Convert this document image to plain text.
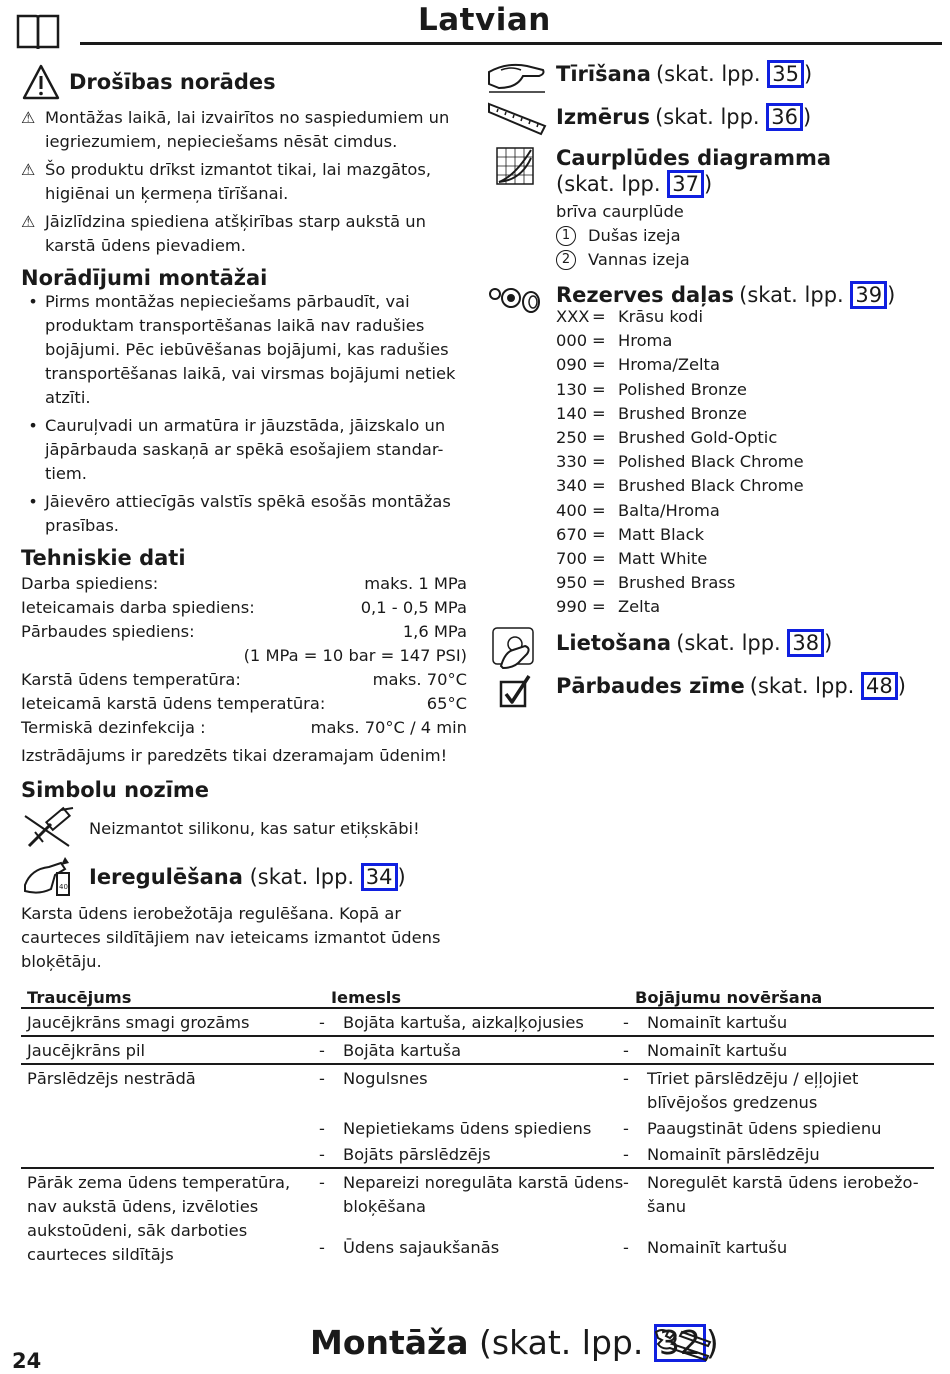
Latvian
Drošības norādes
⚠ Montāžas laikā, lai izvairītos no saspiedumiem un iegriezumiem, nepieciešams nēsāt cimdus.
⚠ Šo produktu drīkst izmantot tikai, lai mazgātos, higiēnai un ķermeņa tīrīšanai.
⚠ Jāizlīdzina spiediena atšķirības starp aukstā un karstā ūdens pievadiem.
Norādījumi montāžai
• Pirms montāžas nepieciešams pārbaudīt, vai produktam transportēšanas laikā nav radušies bojājumi. Pēc iebūvēšanas bojājumi, kas radušies transportēšanas laikā, vai virsmas bojājumi netiek atzīti.
• Cauruļvadi un armatūra ir jāuzstāda, jāizskalo un jāpārbauda saskaņā ar spēkā esošajiem standar-tiem.
• Jāievēro attiecīgās valstīs spēkā esošās montāžas prasības.
Tehniskie dati
Darba spiediens:	maks. 1 MPa
Ieteicamais darba spiediens:	0,1 - 0,5 MPa
Pārbaudes spiediens:	1,6 MPa
(1 MPa = 10 bar = 147 PSI)
Karstā ūdens temperatūra:	maks. 70°C
Ieteicamā karstā ūdens temperatūra:	65°C
Termiskā dezinfekcija :	maks. 70°C / 4 min
Izstrādājums ir paredzēts tikai dzeramajam ūdenim!
Simbolu nozīme
Neizmantot silikonu, kas satur etiķskābi!
40 Ieregulēšana (skat. lpp. 34 )
Karsta ūdens ierobežotāja regulēšana. Kopā ar caurteces sildītājiem nav ieteicams izmantot ūdens bloķētāju.
Tīrīšana (skat. lpp. 35 )
Izmērus (skat. lpp. 36 )
Caurplūdes diagramma
(skat. lpp. 37 )
brīva caurplūde
1	Dušas izeja
2	Vannas izeja
Rezerves daļas (skat. lpp. 39 )
XXX = Krāsu kodi
000 = Hroma
090 = Hroma/Zelta
130 = Polished Bronze
140 = Brushed Bronze
250 = Brushed Gold-Optic
330 = Polished Black Chrome
340 = Brushed Black Chrome
400 = Balta/Hroma
670 = Matt Black
700 = Matt White
950 = Brushed Brass
990 = Zelta
Lietošana (skat. lpp. 38 )
Pārbaudes zīme (skat. lpp. 48 )
Traucējums	Iemesls	Bojājumu novēršana
Jaucējkrāns smagi grozāms	- Bojāta kartuša, aizkaļķojusies	- Nomainīt kartušu

Jaucējkrāns pil	- Bojāta kartuša	- Nomainīt kartušu

Pārslēdzējs nestrādā	- Nogulsnes	- Tīriet pārslēdzēju / eļļojiet blīvējošos gredzenus

	- Nepietiekams ūdens spiediens	- Paaugstināt ūdens spiedienu

	- Bojāts pārslēdzējs	- Nomainīt pārslēdzēju

Pārāk zema ūdens temperatūra, nav aukstā ūdens, izvēloties aukstoūdeni, sāk darboties caurteces sildītājs	- Nepareizi noregulāta karstā ūdens bloķēšana	- Noregulēt karstā ūdens ierobežo-šanu

	- Ūdens sajaukšanās	- Nomainīt kartušu
24	Montāža (skat. lpp. 32 )
